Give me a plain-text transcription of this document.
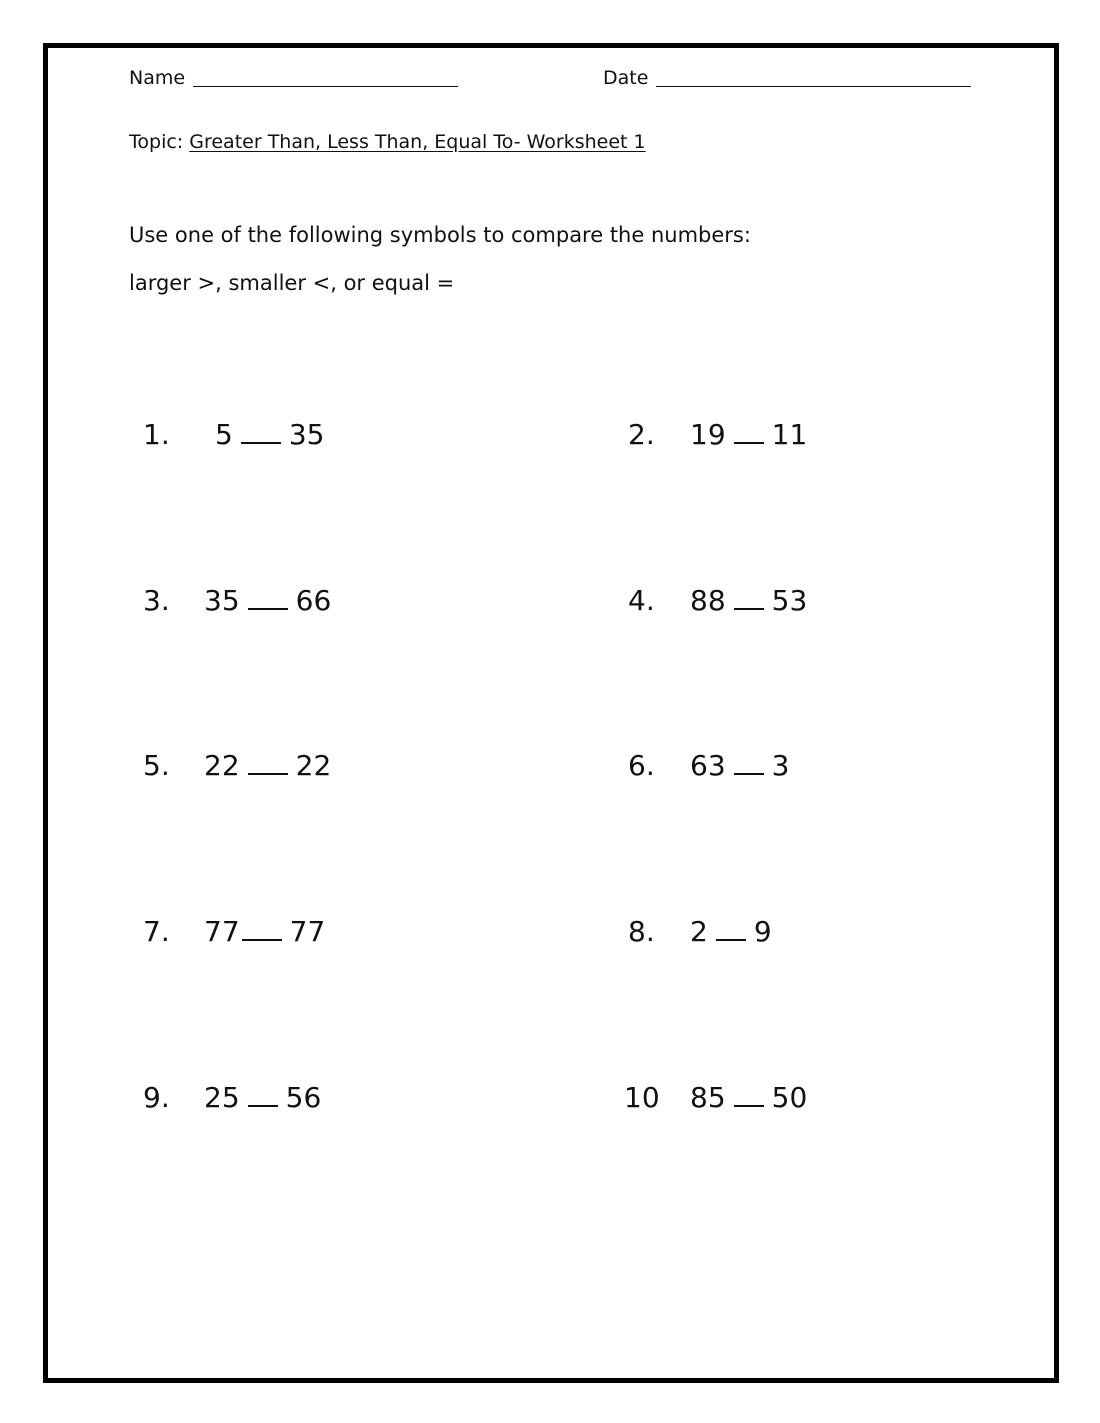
Name	Date
Topic: Greater Than, Less Than, Equal To- Worksheet 1
Use one of the following symbols to compare the numbers:
larger >, smaller <, or equal =
1. 5 35	2. 19 11
3. 35 66	4. 88 53
5. 22 22	6. 63 3
7. 77 77	8. 2 9
9. 25 56	10 85 50
